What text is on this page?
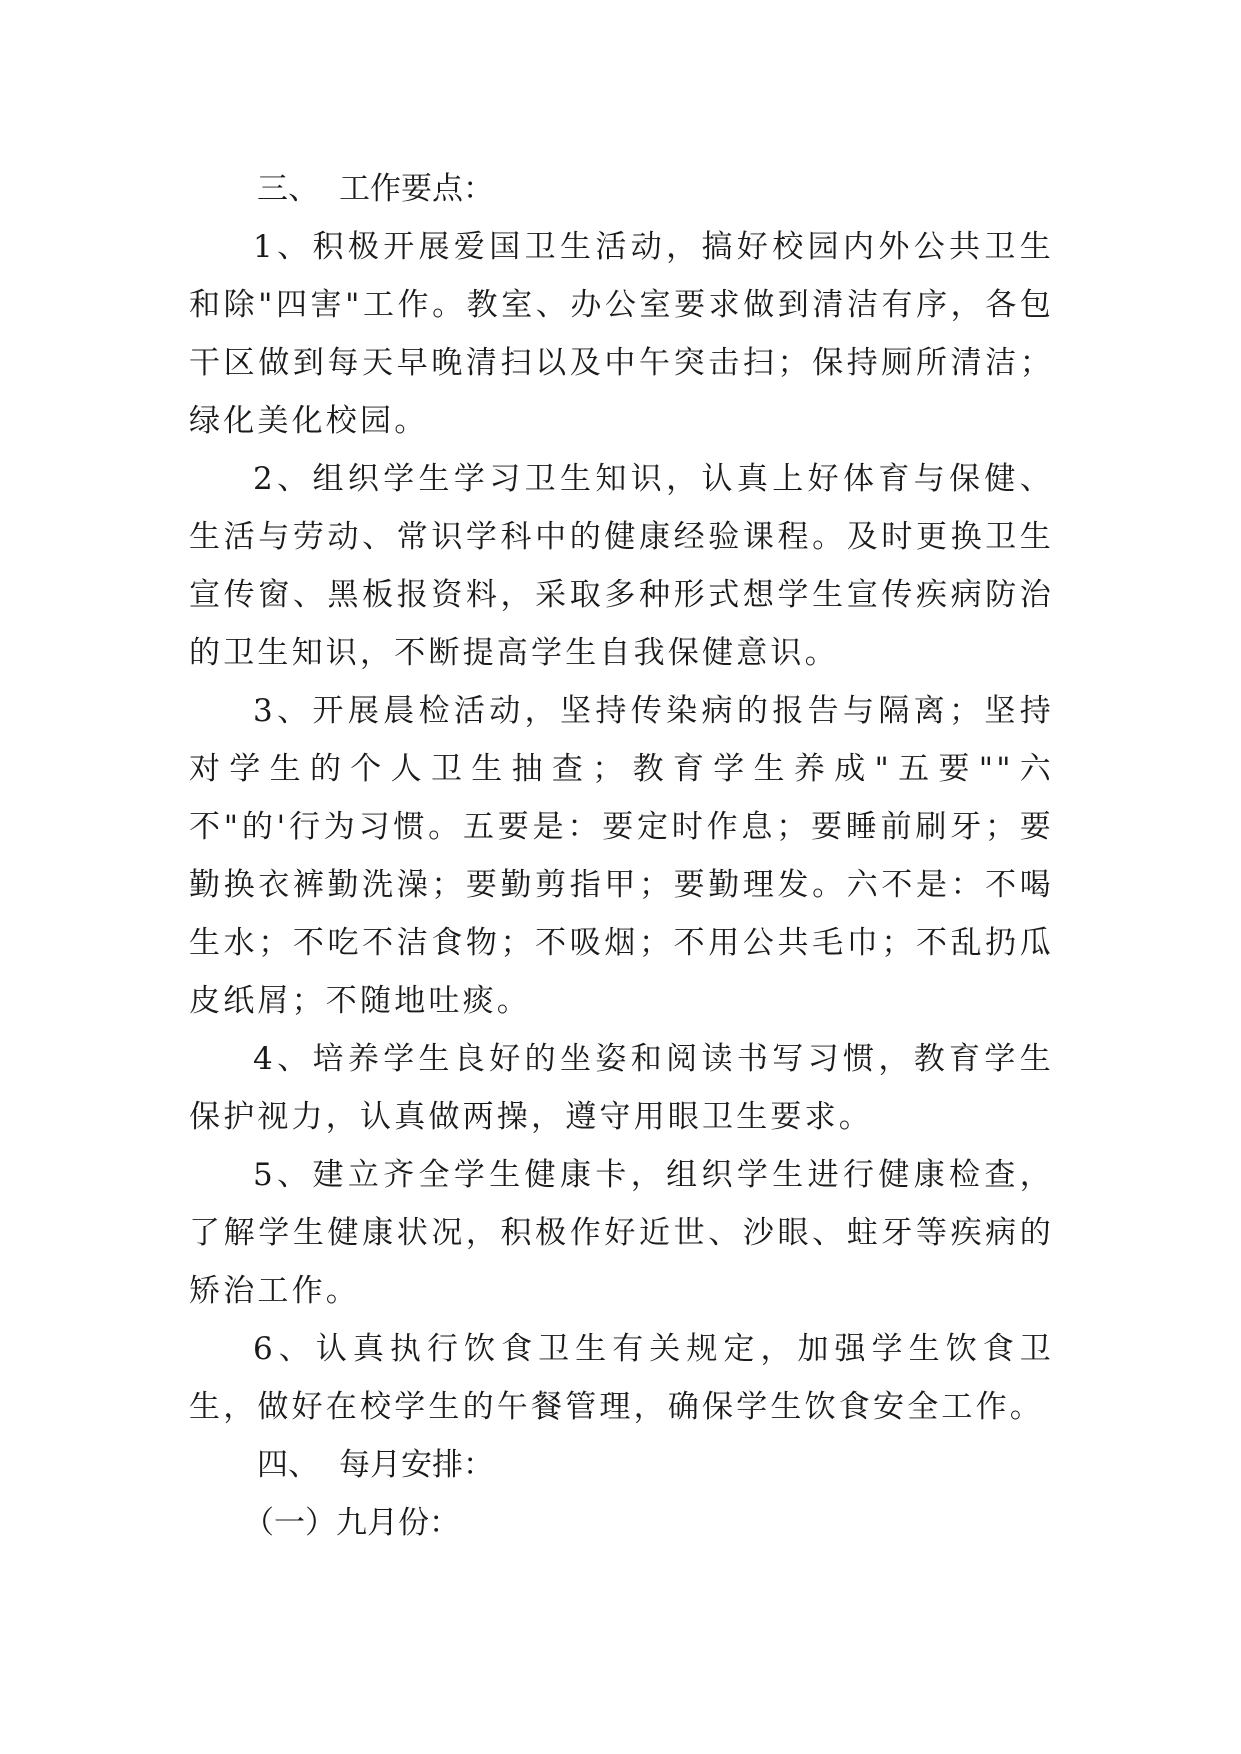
三、 工作要点：

1、积极开展爱国卫生活动，搞好校园内外公共卫生和除"四害"工作。教室、办公室要求做到清洁有序，各包干区做到每天早晚清扫以及中午突击扫；保持厕所清洁；绿化美化校园。

2、组织学生学习卫生知识，认真上好体育与保健、生活与劳动、常识学科中的健康经验课程。及时更换卫生宣传窗、黑板报资料，采取多种形式想学生宣传疾病防治的卫生知识，不断提高学生自我保健意识。

3、开展晨检活动，坚持传染病的报告与隔离；坚持对学生的个人卫生抽查；教育学生养成"五要""六不"的'行为习惯。五要是：要定时作息；要睡前刷牙；要勤换衣裤勤洗澡；要勤剪指甲；要勤理发。六不是：不喝生水；不吃不洁食物；不吸烟；不用公共毛巾；不乱扔瓜皮纸屑；不随地吐痰。

4、培养学生良好的坐姿和阅读书写习惯，教育学生保护视力，认真做两操，遵守用眼卫生要求。

5、建立齐全学生健康卡，组织学生进行健康检查，了解学生健康状况，积极作好近世、沙眼、蛀牙等疾病的矫治工作。

6、认真执行饮食卫生有关规定，加强学生饮食卫生，做好在校学生的午餐管理，确保学生饮食安全工作。

四、 每月安排：
（一）九月份：
